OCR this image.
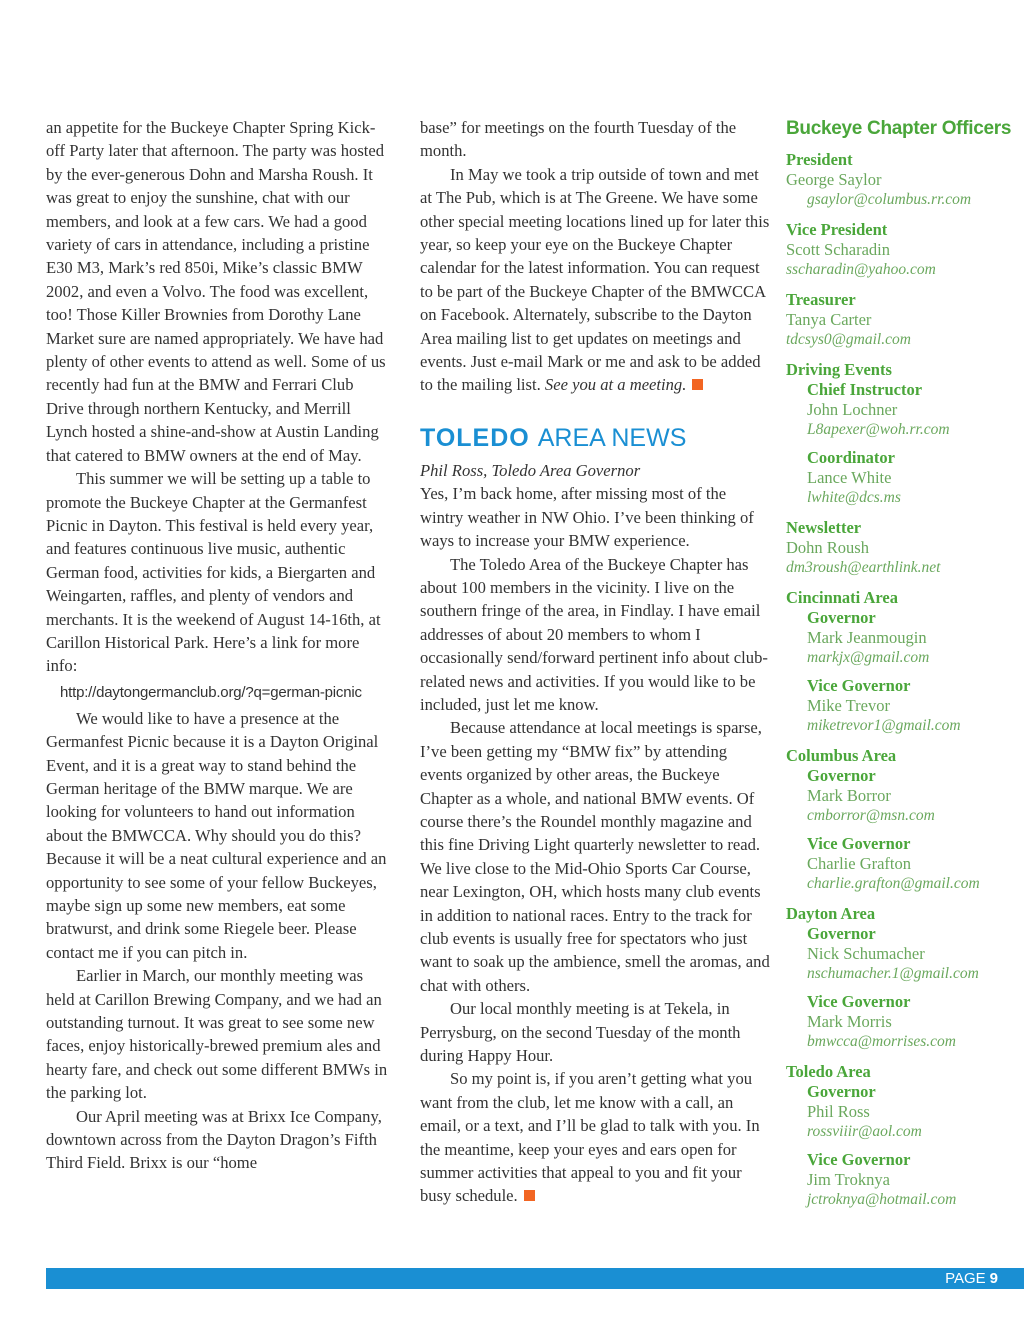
an appetite for the Buckeye Chapter Spring Kick-off Party later that afternoon. The party was hosted by the ever-generous Dohn and Marsha Roush. It was great to enjoy the sunshine, chat with our members, and look at a few cars. We had a good variety of cars in attendance, including a pristine E30 M3, Mark’s red 850i, Mike’s classic BMW 2002, and even a Volvo. The food was excellent, too! Those Killer Brownies from Dorothy Lane Market sure are named appropriately. We have had plenty of other events to attend as well. Some of us recently had fun at the BMW and Ferrari Club Drive through northern Kentucky, and Merrill Lynch hosted a shine-and-show at Austin Landing that catered to BMW owners at the end of May.

This summer we will be setting up a table to promote the Buckeye Chapter at the Germanfest Picnic in Dayton. This festival is held every year, and features continuous live music, authentic German food, activities for kids, a Biergarten and Weingarten, raffles, and plenty of vendors and merchants. It is the weekend of August 14-16th, at Carillon Historical Park. Here’s a link for more info:

http://daytongermanclub.org/?q=german-picnic

We would like to have a presence at the Germanfest Picnic because it is a Dayton Original Event, and it is a great way to stand behind the German heritage of the BMW marque. We are looking for volunteers to hand out information about the BMWCCA. Why should you do this? Because it will be a neat cultural experience and an opportunity to see some of your fellow Buckeyes, maybe sign up some new members, eat some bratwurst, and drink some Riegele beer. Please contact me if you can pitch in.

Earlier in March, our monthly meeting was held at Carillon Brewing Company, and we had an outstanding turnout. It was great to see some new faces, enjoy historically-brewed premium ales and hearty fare, and check out some different BMWs in the parking lot.

Our April meeting was at Brixx Ice Company, downtown across from the Dayton Dragon’s Fifth Third Field. Brixx is our “home

base” for meetings on the fourth Tuesday of the month.

In May we took a trip outside of town and met at The Pub, which is at The Greene. We have some other special meeting locations lined up for later this year, so keep your eye on the Buckeye Chapter calendar for the latest information. You can request to be part of the Buckeye Chapter of the BMWCCA on Facebook. Alternately, subscribe to the Dayton Area mailing list to get updates on meetings and events. Just e-mail Mark or me and ask to be added to the mailing list. See you at a meeting.

TOLEDO AREA NEWS

Phil Ross, Toledo Area Governor

Yes, I’m back home, after missing most of the wintry weather in NW Ohio. I’ve been thinking of ways to increase your BMW experience.

The Toledo Area of the Buckeye Chapter has about 100 members in the vicinity. I live on the southern fringe of the area, in Findlay. I have email addresses of about 20 members to whom I occasionally send/forward pertinent info about club-related news and activities. If you would like to be included, just let me know.

Because attendance at local meetings is sparse, I’ve been getting my “BMW fix” by attending events organized by other areas, the Buckeye Chapter as a whole, and national BMW events. Of course there’s the Roundel monthly magazine and this fine Driving Light quarterly newsletter to read. We live close to the Mid-Ohio Sports Car Course, near Lexington, OH, which hosts many club events in addition to national races. Entry to the track for club events is usually free for spectators who just want to soak up the ambience, smell the aromas, and chat with others.

Our local monthly meeting is at Tekela, in Perrysburg, on the second Tuesday of the month during Happy Hour.

So my point is, if you aren’t getting what you want from the club, let me know with a call, an email, or a text, and I’ll be glad to talk with you. In the meantime, keep your eyes and ears open for summer activities that appeal to you and fit your busy schedule.

Buckeye Chapter Officers
President
George Saylor
gsaylor@columbus.rr.com
Vice President
Scott Scharadin
sscharadin@yahoo.com
Treasurer
Tanya Carter
tdcsys0@gmail.com
Driving Events
Chief Instructor
John Lochner
L8apexer@woh.rr.com
Coordinator
Lance White
lwhite@dcs.ms
Newsletter
Dohn Roush
dm3roush@earthlink.net
Cincinnati Area
Governor
Mark Jeanmougin
markjx@gmail.com
Vice Governor
Mike Trevor
miketrevor1@gmail.com
Columbus Area
Governor
Mark Borror
cmborror@msn.com
Vice Governor
Charlie Grafton
charlie.grafton@gmail.com
Dayton Area
Governor
Nick Schumacher
nschumacher.1@gmail.com
Vice Governor
Mark Morris
bmwcca@morrises.com
Toledo Area
Governor
Phil Ross
rossviiir@aol.com
Vice Governor
Jim Troknya
jctroknya@hotmail.com
PAGE 9
